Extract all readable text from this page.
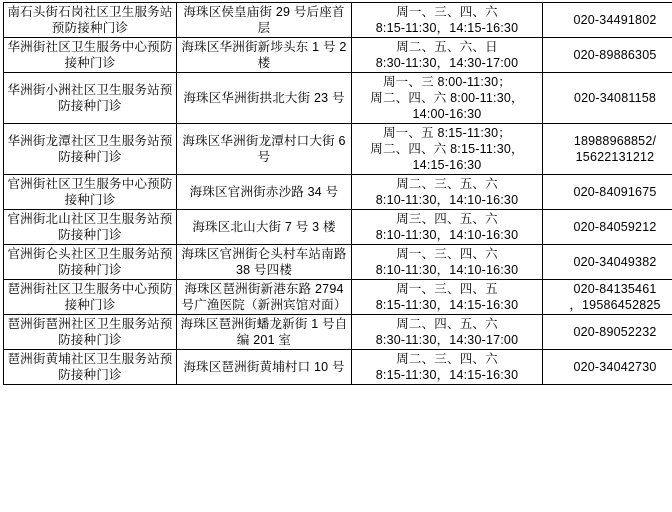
南石头街石岗社区卫生服务站预防接种门诊	海珠区侯皇庙街 29 号后座首层	周一、三、四、六
8:15-11:30，14:15-16:30	020-34491802

华洲街社区卫生服务中心预防接种门诊	海珠区华洲街新埗头东 1 号 2 楼	周二、五、六、日
8:30-11:30，14:30-17:00	020-89886305

华洲街小洲社区卫生服务站预防接种门诊	海珠区华洲街拱北大街 23 号	周一、三 8:00-11:30；
周二、四、六 8:00-11:30，
14:00-16:30	020-34081158

华洲街龙潭社区卫生服务站预防接种门诊	海珠区华洲街龙潭村口大街 6 号	周一、五 8:15-11:30；
周二、四、六 8:15-11:30，
14:15-16:30	18988968852/
15622131212

官洲街社区卫生服务中心预防接种门诊	海珠区官洲街赤沙路 34 号	周二、三、五、六
8:10-11:30，14:10-16:30	020-84091675

官洲街北山社区卫生服务站预防接种门诊	海珠区北山大街 7 号 3 楼	周三、四、五、六
8:10-11:30，14:10-16:30	020-84059212

官洲街仑头社区卫生服务站预防接种门诊	海珠区官洲街仑头村车站南路 38 号四楼	周一、三、四、六
8:10-11:30，14:10-16:30	020-34049382

琶洲街社区卫生服务中心预防接种门诊	海珠区琶洲街新港东路 2794 号广渔医院（新洲宾馆对面）	周一、三、四、五
8:15-11:30，14:15-16:30	020-84135461
，19586452825

琶洲街琶洲社区卫生服务站预防接种门诊	海珠区琶洲街蟠龙新街 1 号自编 201 室	周二、四、五、六
8:30-11:30，14:30-17:00	020-89052232

琶洲街黄埔社区卫生服务站预防接种门诊	海珠区琶洲街黄埔村口 10 号	周二、三、四、六
8:15-11:30，14:15-16:30	020-34042730
